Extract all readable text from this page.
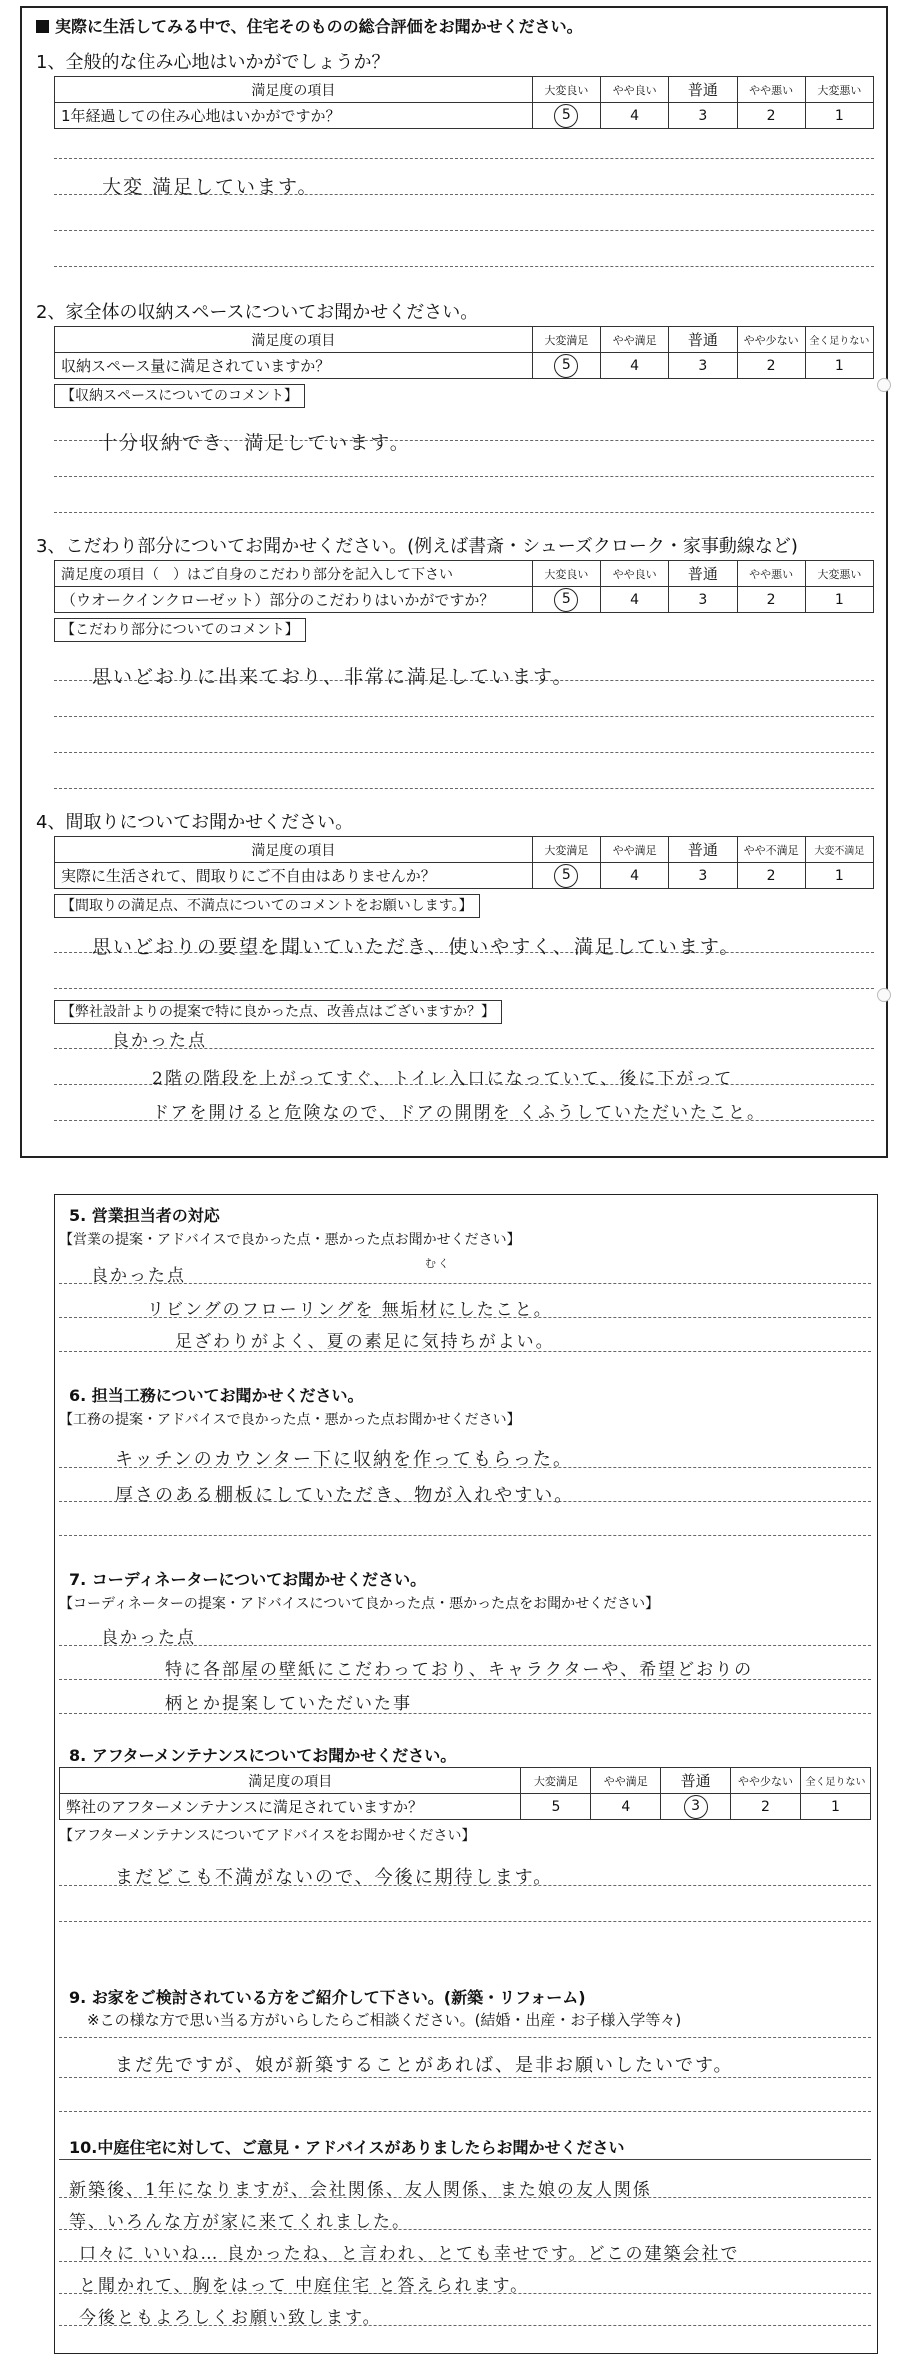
実際に生活してみる中で、住宅そのものの総合評価をお聞かせください。
1、全般的な住み心地はいかがでしょうか？
満足度の項目	大変良い	やや良い	普通	やや悪い	大変悪い
1年経過しての住み心地はいかがですか？	5	4	3	2	1
大変 満足しています。
2、家全体の収納スペースについてお聞かせください。
満足度の項目	大変満足	やや満足	普通	やや少ない	全く足りない
収納スペース量に満足されていますか？	5	4	3	2	1
【収納スペースについてのコメント】
十分収納でき、満足しています。
3、こだわり部分についてお聞かせください。(例えば書斎・シューズクローク・家事動線など)
満足度の項目（　）はご自身のこだわり部分を記入して下さい	大変良い	やや良い	普通	やや悪い	大変悪い
（ウオークインクローゼット）部分のこだわりはいかがですか？	5	4	3	2	1
【こだわり部分についてのコメント】
思いどおりに出来ており、非常に満足しています。
4、間取りについてお聞かせください。
満足度の項目	大変満足	やや満足	普通	やや不満足	大変不満足
実際に生活されて、間取りにご不自由はありませんか？	5	4	3	2	1
【間取りの満足点、不満点についてのコメントをお願いします。】
思いどおりの要望を聞いていただき、使いやすく、満足しています。
【弊社設計よりの提案で特に良かった点、改善点はございますか？】
良かった点
2階の階段を上がってすぐ、トイレ入口になっていて、後に下がって
ドアを開けると危険なので、ドアの開閉を くふうしていただいたこと。
5. 営業担当者の対応
【営業の提案・アドバイスで良かった点・悪かった点お聞かせください】
良かった点
むく
リビングのフローリングを 無垢材にしたこと。
足ざわりがよく、夏の素足に気持ちがよい。
6. 担当工務についてお聞かせください。
【工務の提案・アドバイスで良かった点・悪かった点お聞かせください】
キッチンのカウンター下に収納を作ってもらった。
厚さのある棚板にしていただき、物が入れやすい。
7. コーディネーターについてお聞かせください。
【コーディネーターの提案・アドバイスについて良かった点・悪かった点をお聞かせください】
良かった点
特に各部屋の壁紙にこだわっており、キャラクターや、希望どおりの
柄とか提案していただいた事
8. アフターメンテナンスについてお聞かせください。
満足度の項目	大変満足	やや満足	普通	やや少ない	全く足りない
弊社のアフターメンテナンスに満足されていますか？	5	4	3	2	1
【アフターメンテナンスについてアドバイスをお聞かせください】
まだどこも不満がないので、今後に期待します。
9. お家をご検討されている方をご紹介して下さい。(新築・リフォーム)
※この様な方で思い当る方がいらしたらご相談ください。(結婚・出産・お子様入学等々)
まだ先ですが、娘が新築することがあれば、是非お願いしたいです。
10.中庭住宅に対して、ご意見・アドバイスがありましたらお聞かせください
新築後、1年になりますが、会社関係、友人関係、また娘の友人関係
等、いろんな方が家に来てくれました。
口々に いいね… 良かったね、と言われ、とても幸せです。どこの建築会社で
と聞かれて、胸をはって 中庭住宅 と答えられます。
今後ともよろしくお願い致します。
